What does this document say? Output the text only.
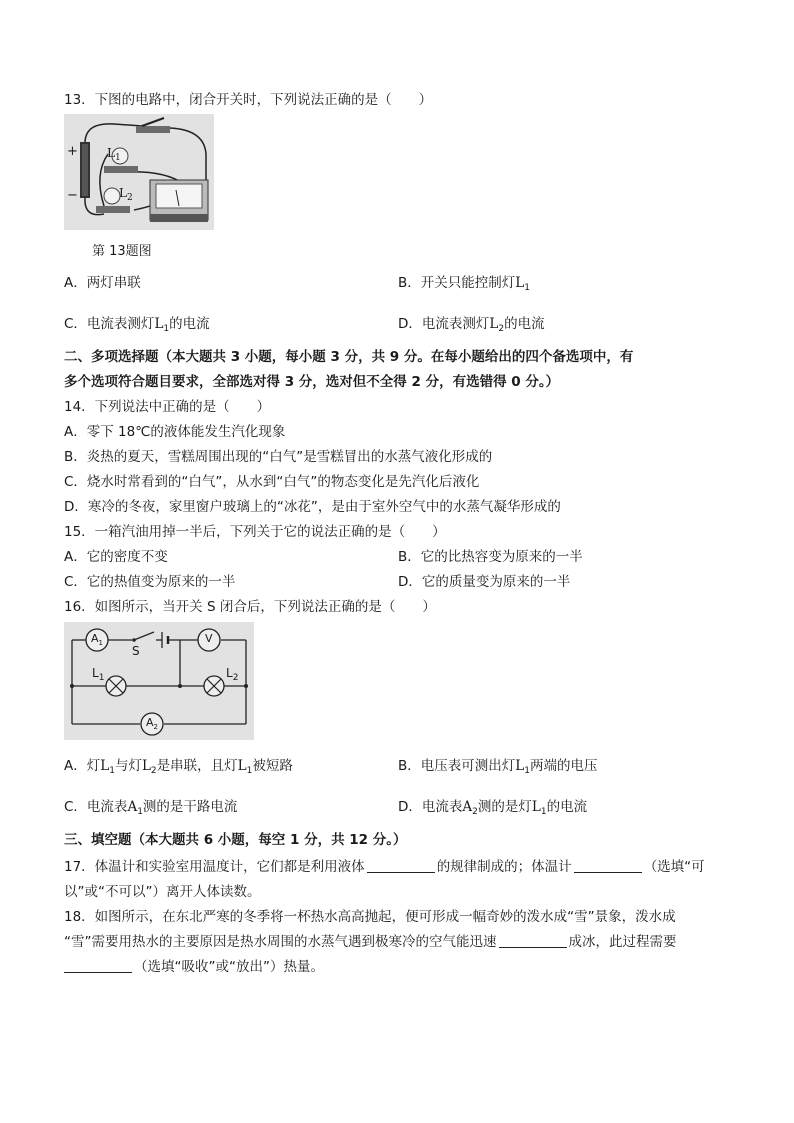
13．下图的电路中，闭合开关时，下列说法正确的是（　　）
+
−
$L_1$
$L_2$
第 13题图
A．两灯串联	B．开关只能控制灯$L_1$
C．电流表测灯$L_1$的电流	D．电流表测灯$L_2$的电流
二、多项选择题（本大题共 3 小题，每小题 3 分，共 9 分。在每小题给出的四个备选项中，有
多个选项符合题目要求，全部选对得 3 分，选对但不全得 2 分，有选错得 0 分。）
14．下列说法中正确的是（　　）
A．零下 18℃的液体能发生汽化现象
B．炎热的夏天，雪糕周围出现的“白气”是雪糕冒出的水蒸气液化形成的
C．烧水时常看到的“白气”，从水到“白气”的物态变化是先汽化后液化
D．寒冷的冬夜，家里窗户玻璃上的“冰花”，是由于室外空气中的水蒸气凝华形成的
15．一箱汽油用掉一半后，下列关于它的说法正确的是（　　）
A．它的密度不变	B．它的比热容变为原来的一半
C．它的热值变为原来的一半	D．它的质量变为原来的一半
16．如图所示，当开关 S 闭合后，下列说法正确的是（　　）
$A_1$
S
V
$L_1$	$L_2$
$A_2$
A．灯$L_1$与灯$L_2$是串联，且灯$L_1$被短路	B．电压表可测出灯$L_1$两端的电压
C．电流表$A_1$测的是干路电流	D．电流表$A_2$测的是灯$L_1$的电流
三、填空题（本大题共 6 小题，每空 1 分，共 12 分。）
17．体温计和实验室用温度计，它们都是利用液体	的规律制成的；体温计	（选填“可
以”或“不可以”）离开人体读数。
18．如图所示，在东北严寒的冬季将一杯热水高高抛起，便可形成一幅奇妙的泼水成“雪”景象，泼水成
“雪”需要用热水的主要原因是热水周围的水蒸气遇到极寒冷的空气能迅速	成冰，此过程需要
（选填“吸收”或“放出”）热量。
